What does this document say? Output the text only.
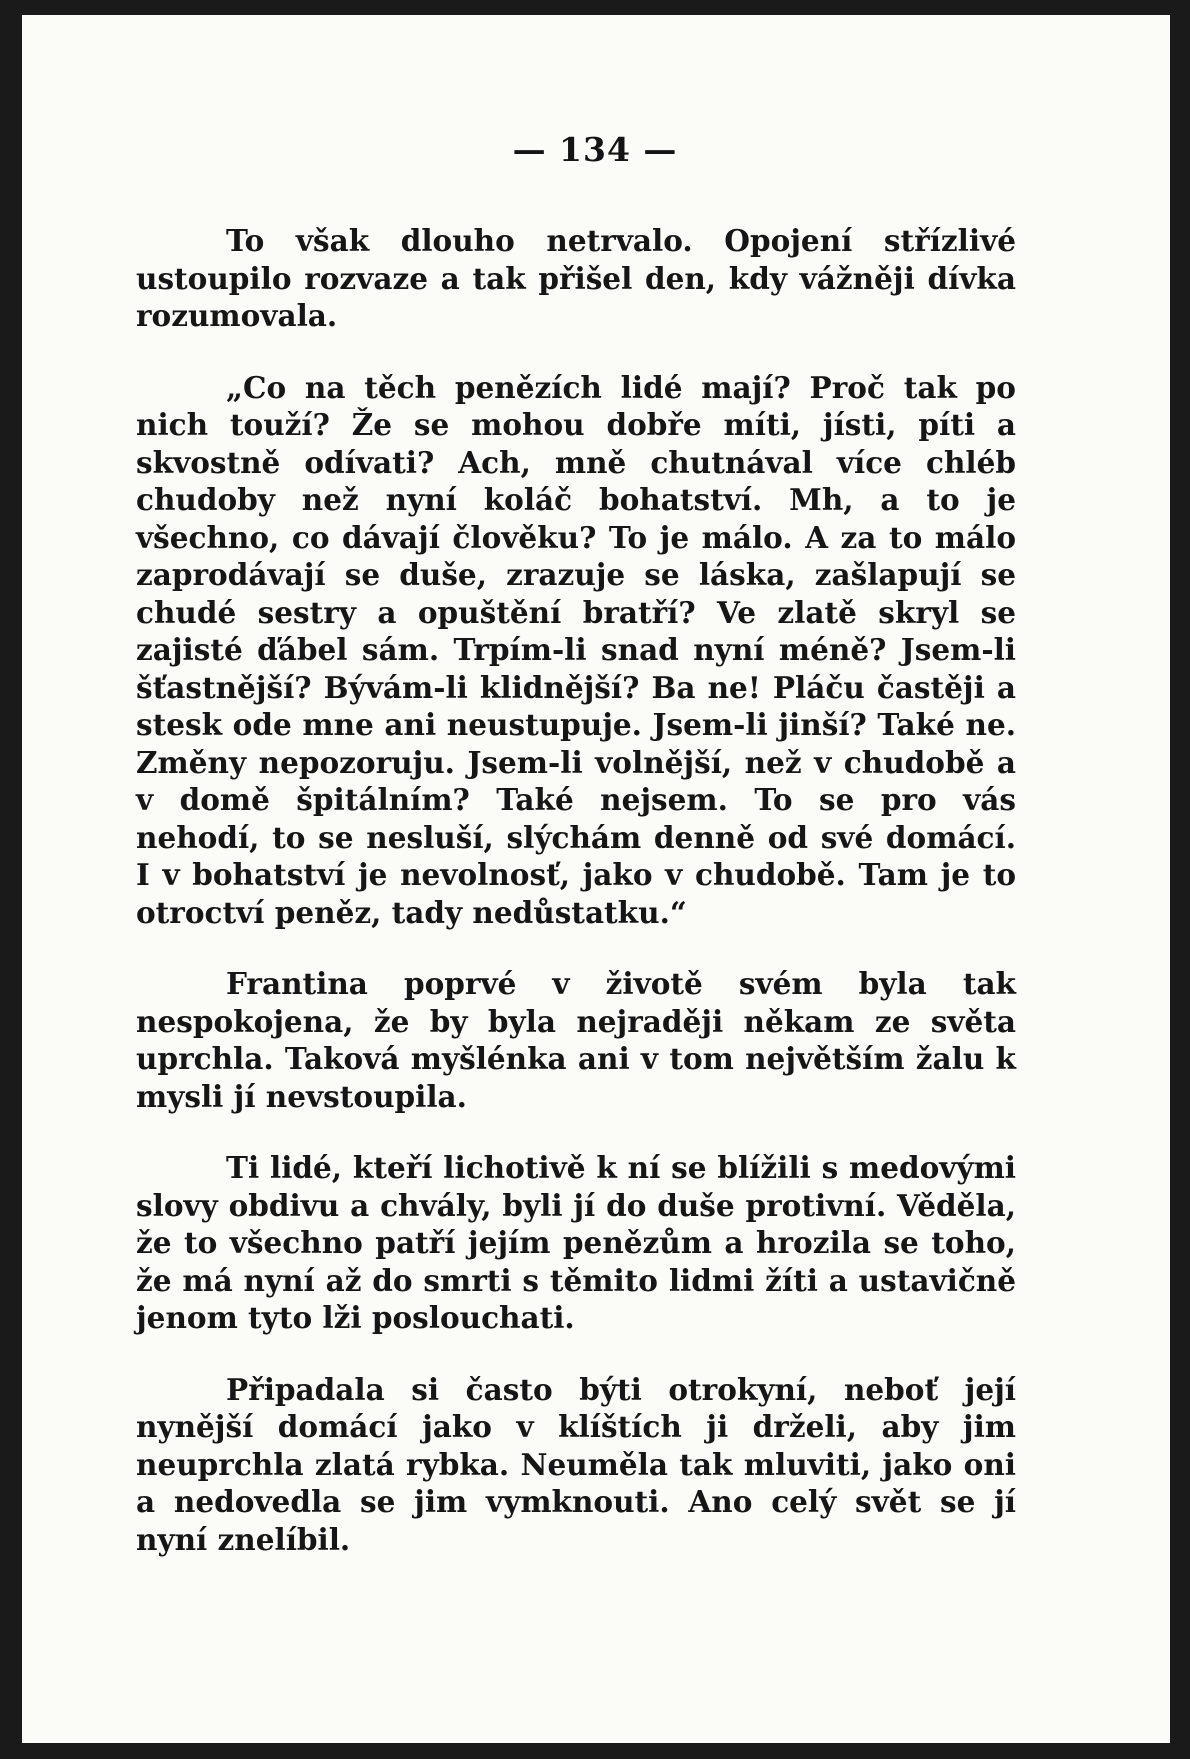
— 134 —

To však dlouho netrvalo. Opojení střízlivé ustoupilo rozvaze a tak přišel den, kdy vážněji dívka rozumovala.

„Co na těch penězích lidé mají? Proč tak po nich touží? Že se mohou dobře míti, jísti, píti a skvostně odívati? Ach, mně chutnával více chléb chudoby než nyní koláč bohatství. Mh, a to je všechno, co dávají člověku? To je málo. A za to málo zaprodávají se duše, zrazuje se láska, zašlapují se chudé sestry a opuštění bratří? Ve zlatě skryl se zajisté ďábel sám. Trpím-li snad nyní méně? Jsem-li šťastnější? Bývám-li klidnější? Ba ne! Pláču častěji a stesk ode mne ani neustupuje. Jsem-li jinší? Také ne. Změny nepozoruju. Jsem-li volnější, než v chudobě a v domě špitálním? Také nejsem. To se pro vás nehodí, to se nesluší, slýchám denně od své domácí. I v bohatství je nevolnosť, jako v chudobě. Tam je to otroctví peněz, tady nedůstatku.“

Frantina poprvé v životě svém byla tak nespokojena, že by byla nejraději někam ze světa uprchla. Taková myšlénka ani v tom největším žalu k mysli jí nevstoupila.

Ti lidé, kteří lichotivě k ní se blížili s medovými slovy obdivu a chvály, byli jí do duše protivní. Věděla, že to všechno patří jejím penězům a hrozila se toho, že má nyní až do smrti s těmito lidmi žíti a ustavičně jenom tyto lži poslouchati.

Připadala si často býti otrokyní, neboť její nynější domácí jako v klíštích ji drželi, aby jim neuprchla zlatá rybka. Neuměla tak mluviti, jako oni a nedovedla se jim vymknouti. Ano celý svět se jí nyní znelíbil.
